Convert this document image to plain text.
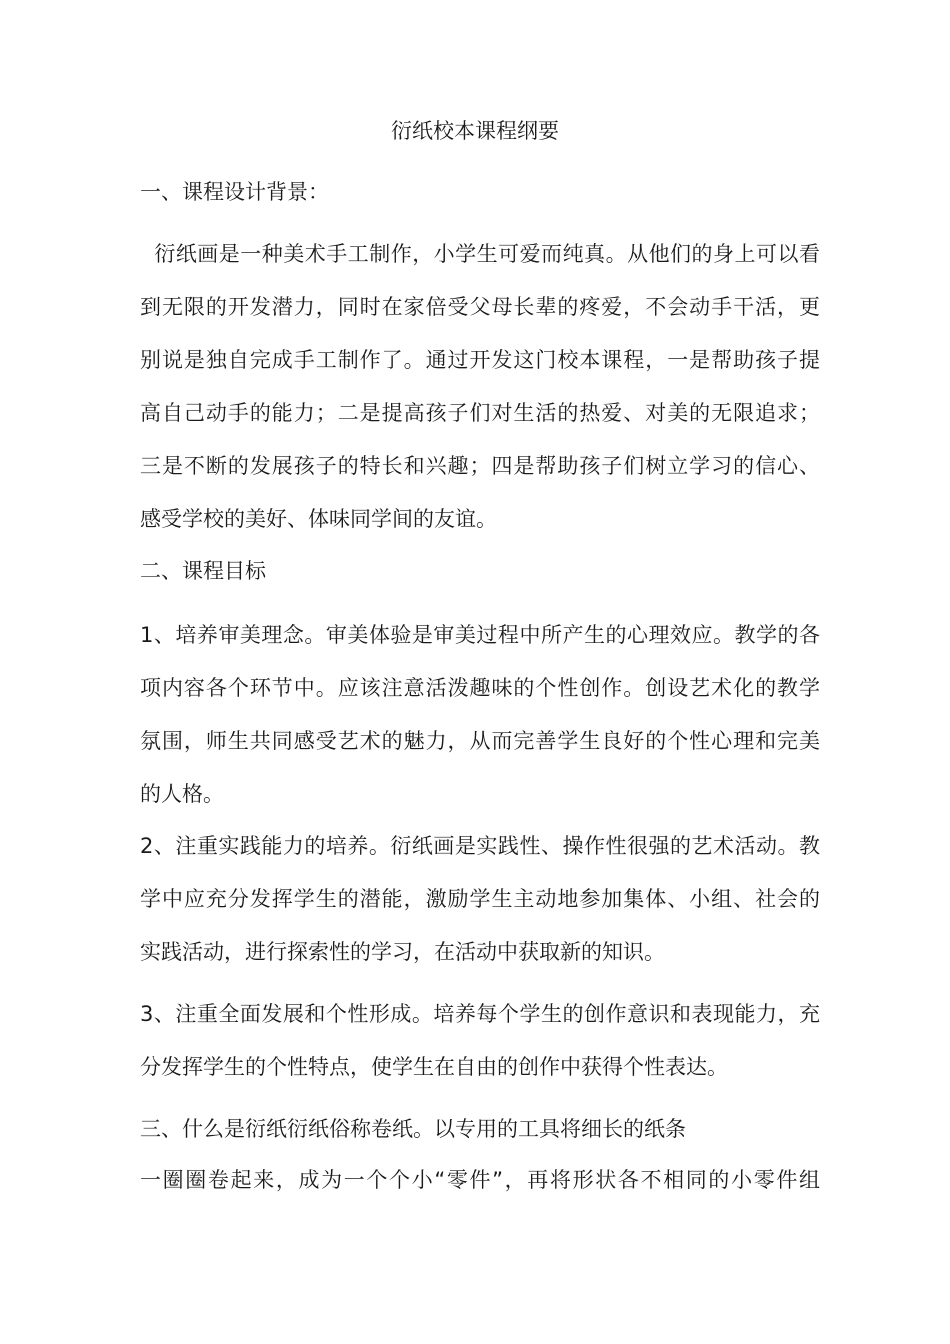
衍纸校本课程纲要
一、课程设计背景：
衍纸画是一种美术手工制作，小学生可爱而纯真。从他们的身上可以看
到无限的开发潜力，同时在家倍受父母长辈的疼爱，不会动手干活，更
别说是独自完成手工制作了。通过开发这门校本课程，一是帮助孩子提
高自己动手的能力；二是提高孩子们对生活的热爱、对美的无限追求；
三是不断的发展孩子的特长和兴趣；四是帮助孩子们树立学习的信心、
感受学校的美好、体味同学间的友谊。
二、课程目标
1、培养审美理念。审美体验是审美过程中所产生的心理效应。教学的各
项内容各个环节中。应该注意活泼趣味的个性创作。创设艺术化的教学
氛围，师生共同感受艺术的魅力，从而完善学生良好的个性心理和完美
的人格。
2、注重实践能力的培养。衍纸画是实践性、操作性很强的艺术活动。教
学中应充分发挥学生的潜能，激励学生主动地参加集体、小组、社会的
实践活动，进行探索性的学习，在活动中获取新的知识。
3、注重全面发展和个性形成。培养每个学生的创作意识和表现能力，充
分发挥学生的个性特点，使学生在自由的创作中获得个性表达。
三、什么是衍纸衍纸俗称卷纸。以专用的工具将细长的纸条
一圈圈卷起来，成为一个个小“零件”，再将形状各不相同的小零件组
